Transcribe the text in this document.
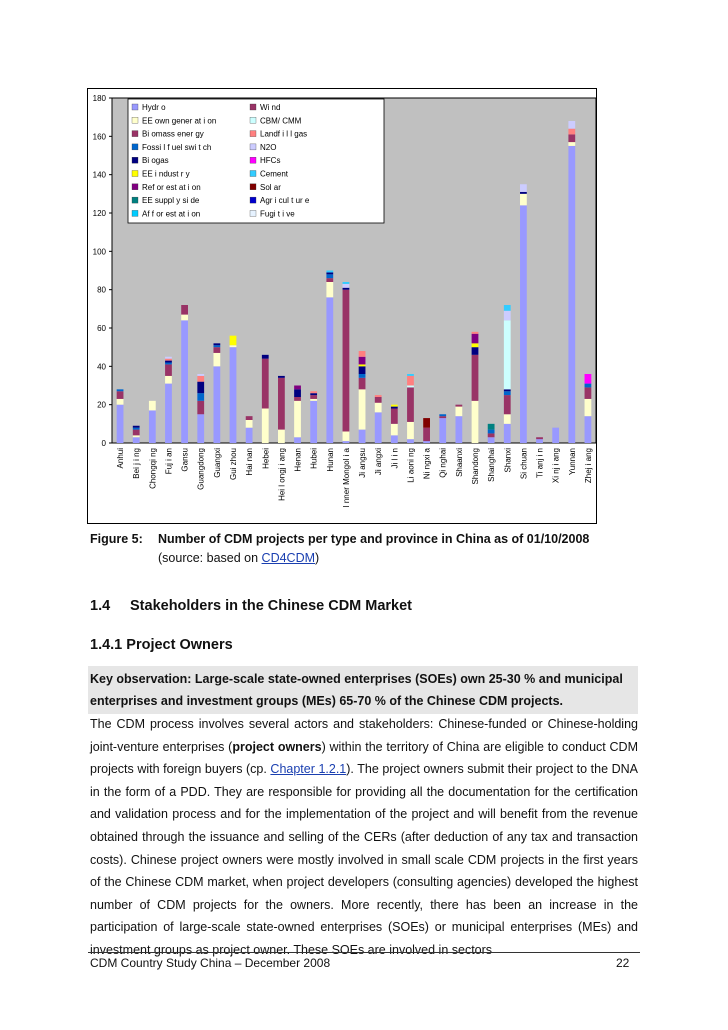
0
20
40
60
80
100
120
140
160
180
Anhui Bei j i ng Chongqi ng Fuj i an Gansu Guangdong Guangxi Gui zhou Hai nan Hebei Hei l ongj i ang Henan Hubei Hunan I nner Mongol i a Ji angsu Ji angxi Ji l i n Li aoni ng Ni ngxi a Qi nghai Shaanxi Shandong Shanghai Shanxi Si chuan Ti anj i n Xi nj i ang Yunnan Zhej i ang
Hydr o
EE own gener at i on
Bi omass ener gy
Fossi l f uel swi t ch
Bi ogas
EE i ndust r y
Ref or est at i on
EE suppl y si de
Af f or est at i on
Wi nd
CBM/ CMM
Landf i l l gas
N2O
HFCs
Cement
Sol ar
Agr i cul t ur e
Fugi t i ve
Figure 5: Number of CDM projects per type and province in China as of 01/10/2008
(source: based on CD4CDM)
1.4 Stakeholders in the Chinese CDM Market
1.4.1 Project Owners
Key observation: Large-scale state-owned enterprises (SOEs) own 25-30 % and municipal enterprises and investment groups (MEs) 65-70 % of the Chinese CDM projects.

The CDM process involves several actors and stakeholders: Chinese-funded or Chinese-holding joint-venture enterprises (project owners) within the territory of China are eligible to conduct CDM projects with foreign buyers (cp. Chapter 1.2.1). The project owners submit their project to the DNA in the form of a PDD. They are responsible for providing all the documentation for the certification and validation process and for the implementation of the project and will benefit from the revenue obtained through the issuance and selling of the CERs (after deduction of any tax and transaction costs). Chinese project owners were mostly involved in small scale CDM projects in the first years of the Chinese CDM market, when project developers (consulting agencies) developed the highest number of CDM projects for the owners. More recently, there has been an increase in the participation of large-scale state-owned enterprises (SOEs) or municipal enterprises (MEs) and investment groups as project owner. These SOEs are involved in sectors

CDM Country Study China – December 2008	22
